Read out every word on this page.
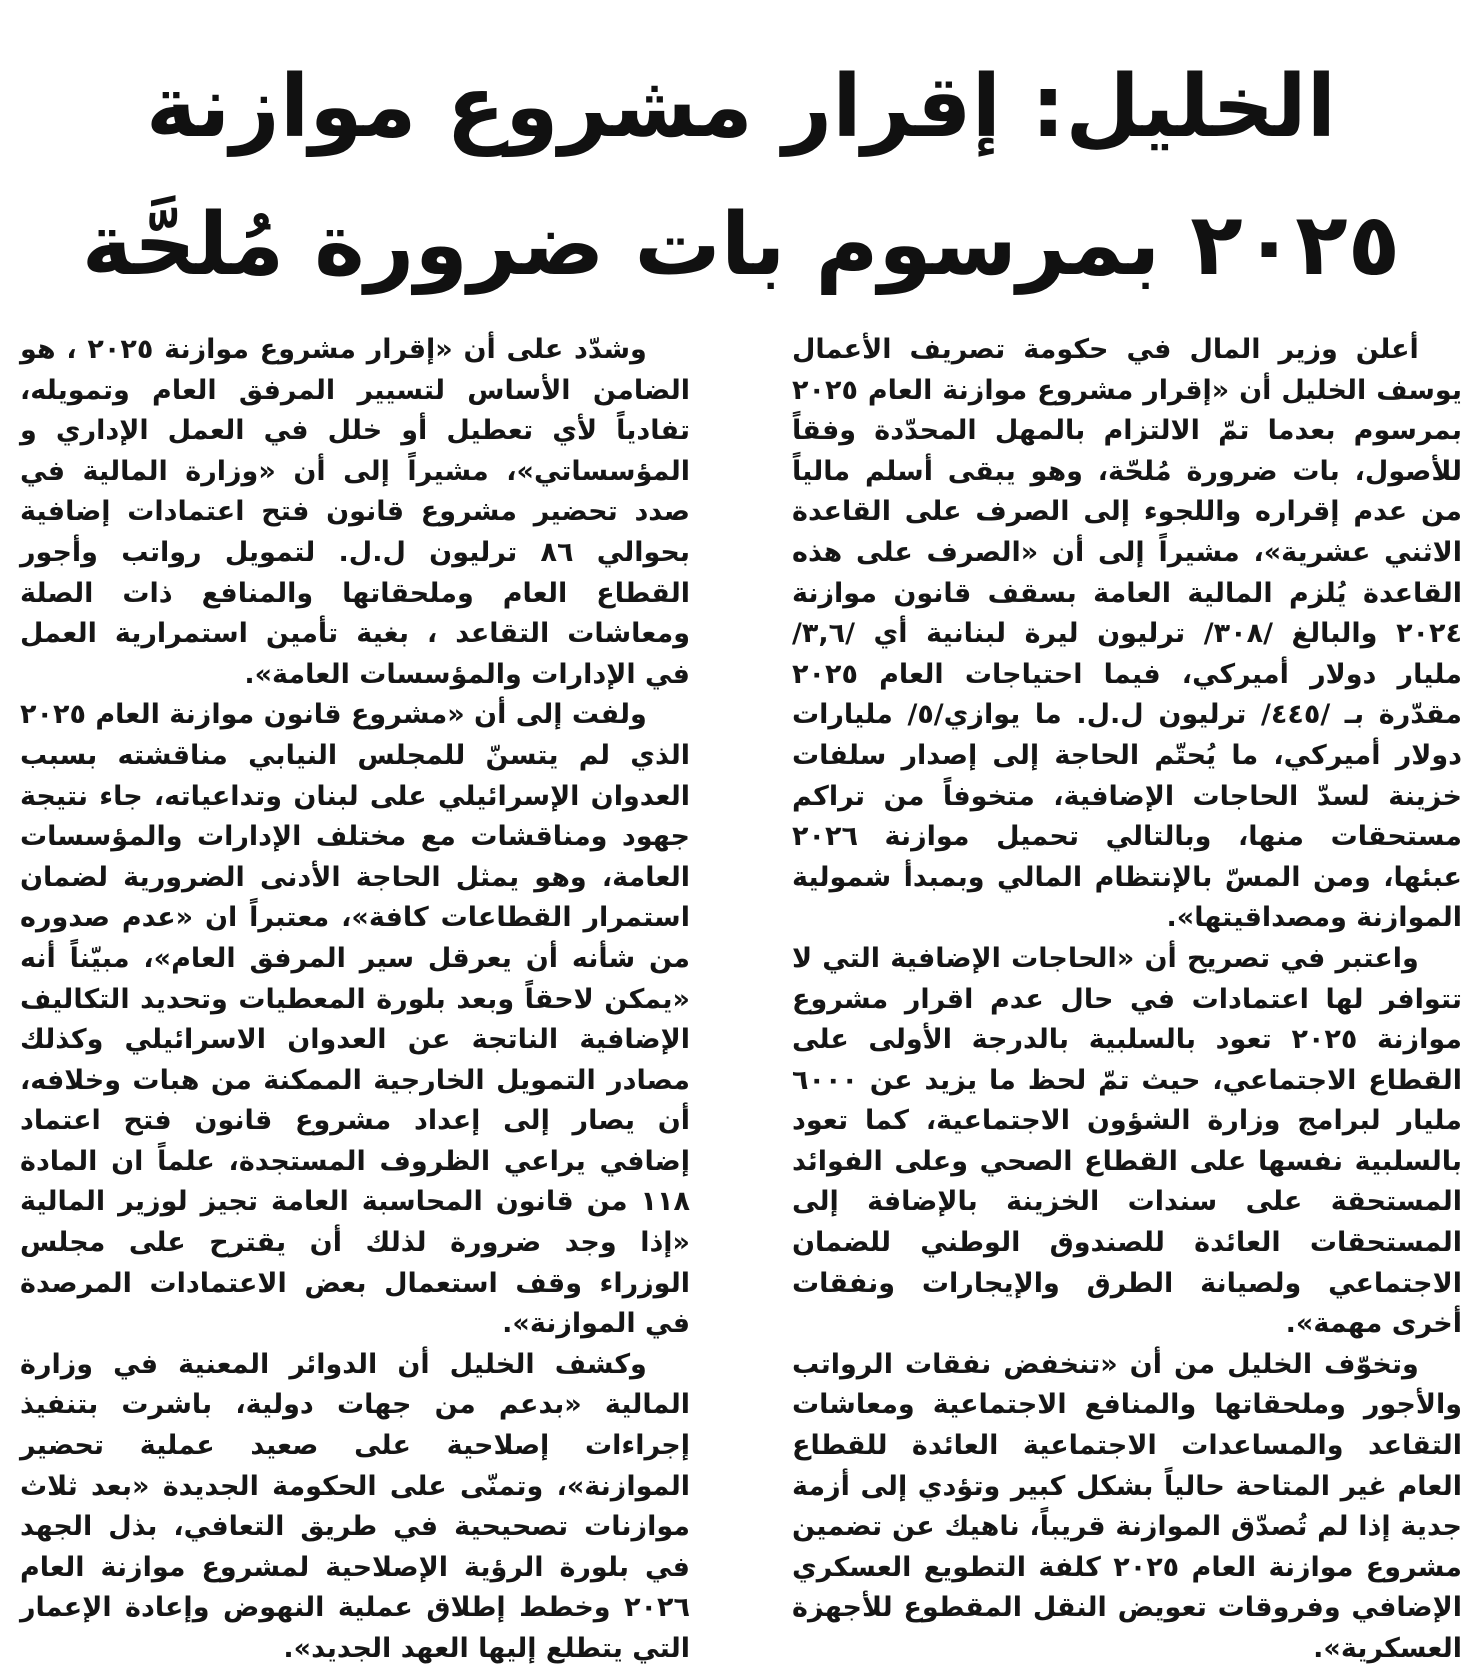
الخليل: إقرار مشروع موازنة
٢٠٢٥ بمرسوم بات ضرورة مُلحَّة

أعلن وزير المال في حكومة تصريف الأعمال يوسف الخليل أن «إقرار مشروع موازنة العام ٢٠٢٥ بمرسوم بعدما تمّ الالتزام بالمهل المحدّدة وفقاً للأصول، بات ضرورة مُلحّة، وهو يبقى أسلم مالياً من عدم إقراره واللجوء إلى الصرف على القاعدة الاثني عشرية»، مشيراً إلى أن «الصرف على هذه القاعدة يُلزم المالية العامة بسقف قانون موازنة ٢٠٢٤ والبالغ /٣٠٨/ ترليون ليرة لبنانية أي /٣,٦/ مليار دولار أميركي، فيما احتياجات العام ٢٠٢٥ مقدّرة بـ /٤٤٥/ ترليون ل.ل. ما يوازي/٥/ مليارات دولار أميركي، ما يُحتّم الحاجة إلى إصدار سلفات خزينة لسدّ الحاجات الإضافية، متخوفاً من تراكم مستحقات منها، وبالتالي تحميل موازنة ٢٠٢٦ عبئها، ومن المسّ بالإنتظام المالي وبمبدأ شمولية الموازنة ومصداقيتها».

واعتبر في تصريح أن «الحاجات الإضافية التي لا تتوافر لها اعتمادات في حال عدم اقرار مشروع موازنة ٢٠٢٥ تعود بالسلبية بالدرجة الأولى على القطاع الاجتماعي، حيث تمّ لحظ ما يزيد عن ٦٠٠٠ مليار لبرامج وزارة الشؤون الاجتماعية، كما تعود بالسلبية نفسها على القطاع الصحي وعلى الفوائد المستحقة على سندات الخزينة بالإضافة إلى المستحقات العائدة للصندوق الوطني للضمان الاجتماعي ولصيانة الطرق والإيجارات ونفقات أخرى مهمة».

وتخوّف الخليل من أن «تنخفض نفقات الرواتب والأجور وملحقاتها والمنافع الاجتماعية ومعاشات التقاعد والمساعدات الاجتماعية العائدة للقطاع العام غير المتاحة حالياً بشكل كبير وتؤدي إلى أزمة جدية إذا لم تُصدّق الموازنة قريباً، ناهيك عن تضمين مشروع موازنة العام ٢٠٢٥ كلفة التطويع العسكري الإضافي وفروقات تعويض النقل المقطوع للأجهزة العسكرية».

وشدّد على أن «إقرار مشروع موازنة ٢٠٢٥ ، هو الضامن الأساس لتسيير المرفق العام وتمويله، تفادياً لأي تعطيل أو خلل في العمل الإداري و المؤسساتي»، مشيراً إلى أن «وزارة المالية في صدد تحضير مشروع قانون فتح اعتمادات إضافية بحوالي ٨٦ ترليون ل.ل. لتمويل رواتب وأجور القطاع العام وملحقاتها والمنافع ذات الصلة ومعاشات التقاعد ، بغية تأمين استمرارية العمل في الإدارات والمؤسسات العامة».

ولفت إلى أن «مشروع قانون موازنة العام ٢٠٢٥ الذي لم يتسنّ للمجلس النيابي مناقشته بسبب العدوان الإسرائيلي على لبنان وتداعياته، جاء نتيجة جهود ومناقشات مع مختلف الإدارات والمؤسسات العامة، وهو يمثل الحاجة الأدنى الضرورية لضمان استمرار القطاعات كافة»، معتبراً ان «عدم صدوره من شأنه أن يعرقل سير المرفق العام»، مبيّناً أنه «يمكن لاحقاً وبعد بلورة المعطيات وتحديد التكاليف الإضافية الناتجة عن العدوان الاسرائيلي وكذلك مصادر التمويل الخارجية الممكنة من هبات وخلافه، أن يصار إلى إعداد مشروع قانون فتح اعتماد إضافي يراعي الظروف المستجدة، علماً ان المادة ١١٨ من قانون المحاسبة العامة تجيز لوزير المالية «إذا وجد ضرورة لذلك أن يقترح على مجلس الوزراء وقف استعمال بعض الاعتمادات المرصدة في الموازنة».

وكشف الخليل أن الدوائر المعنية في وزارة المالية «بدعم من جهات دولية، باشرت بتنفيذ إجراءات إصلاحية على صعيد عملية تحضير الموازنة»، وتمنّى على الحكومة الجديدة «بعد ثلاث موازنات تصحيحية في طريق التعافي، بذل الجهد في بلورة الرؤية الإصلاحية لمشروع موازنة العام ٢٠٢٦ وخطط إطلاق عملية النهوض وإعادة الإعمار التي يتطلع إليها العهد الجديد».
